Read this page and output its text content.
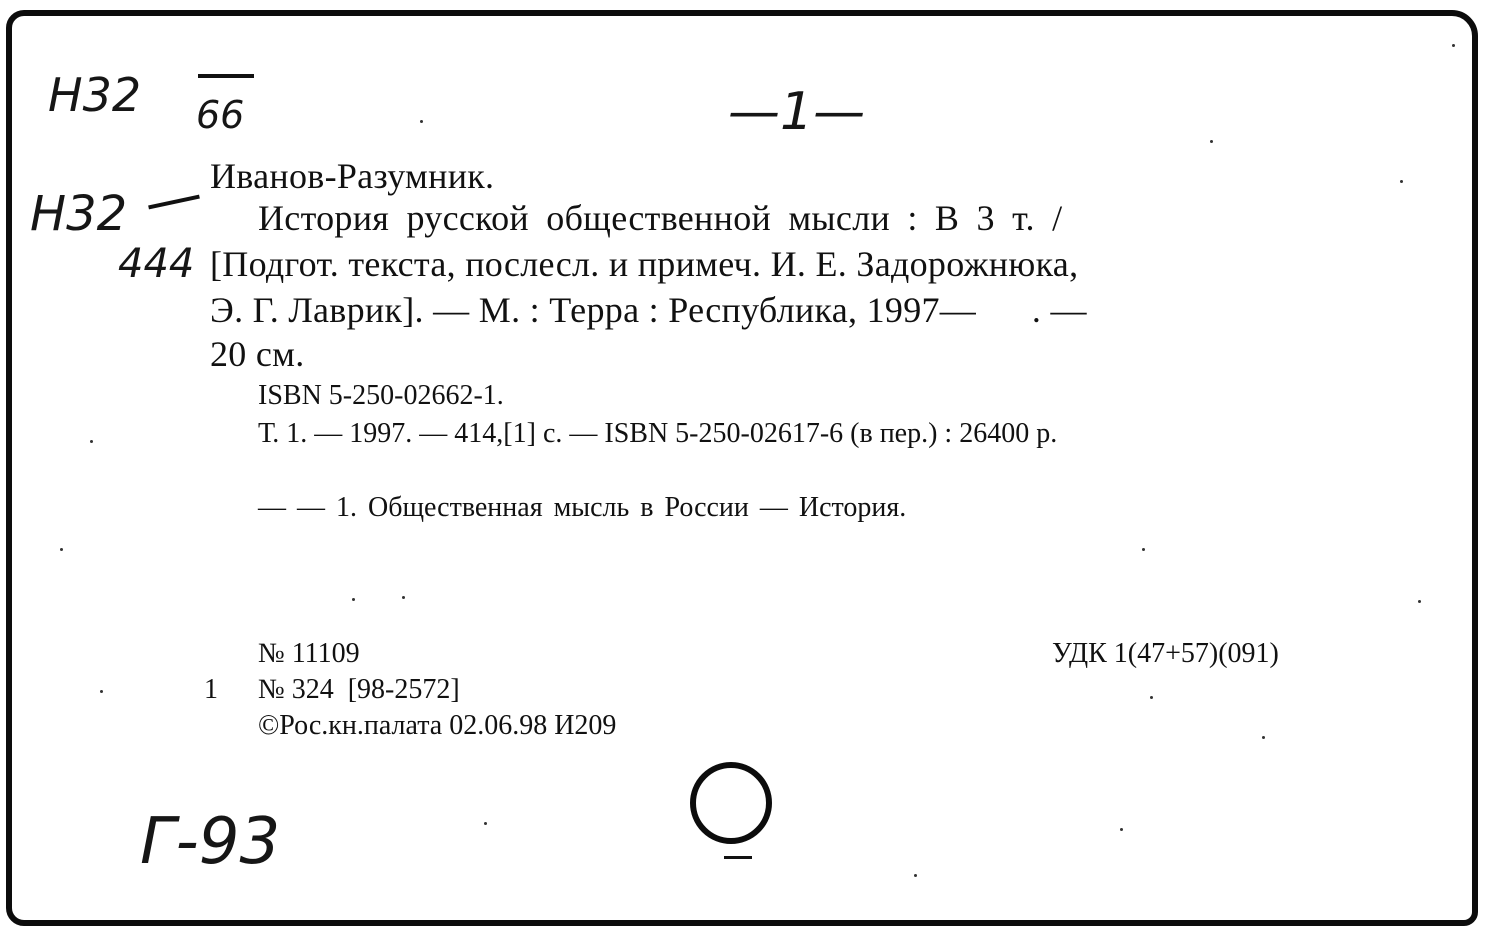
Н32 66	—1—
Н32
444
Г-93
Иванов-Разумник.
История русской общественной мысли : В 3 т. /
[Подгот. текста, послесл. и примеч. И. Е. Задорожнюка,
Э. Г. Лаврик]. — М. : Терра : Республика, 1997—      . —
20 см.
ISBN 5-250-02662-1.
Т. 1. — 1997. — 414,[1] с. — ISBN 5-250-02617-6 (в пер.) : 26400 р.
— — 1. Общественная мысль в России — История.
№ 11109	УДК 1(47+57)(091)
1 № 324  [98-2572]
©Рос.кн.палата 02.06.98 И209
